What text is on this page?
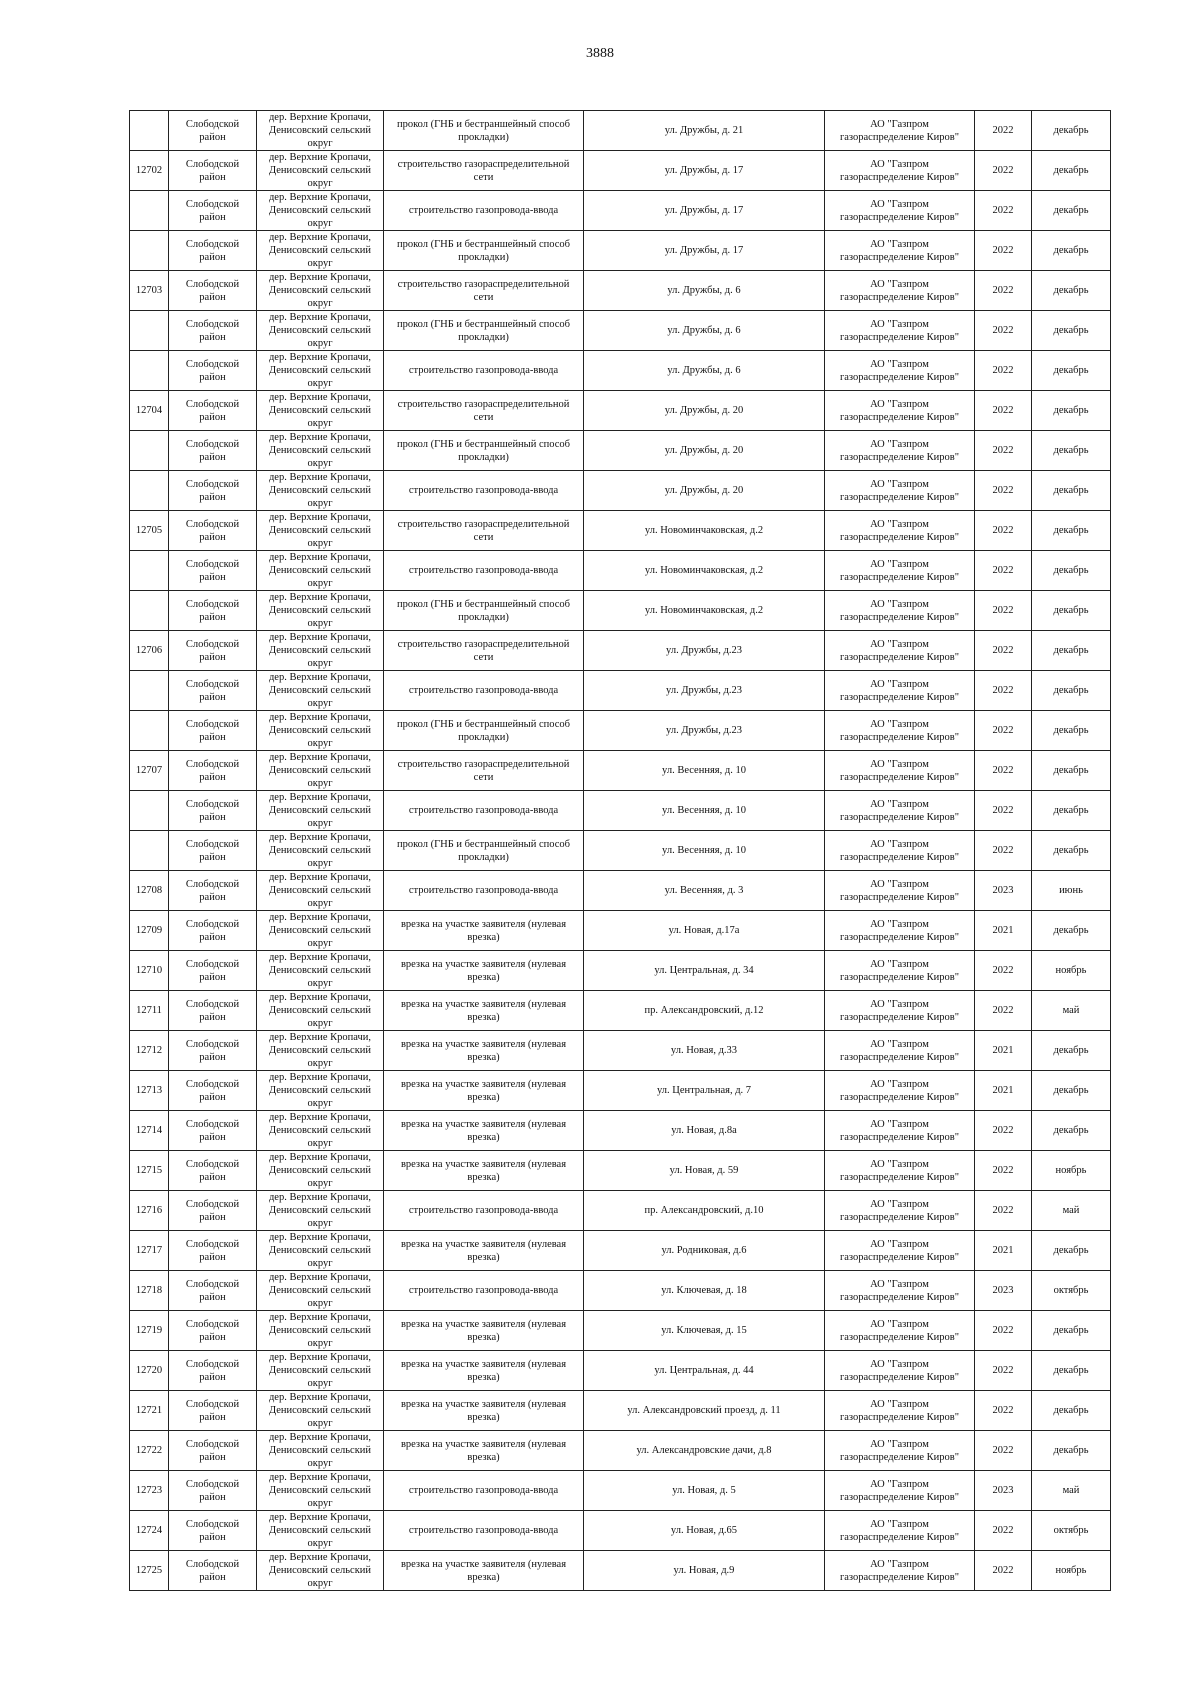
3888
	Слободской район	дер. Верхние Кропачи, Денисовский сельский округ	прокол (ГНБ и бестраншейный способ прокладки)	ул. Дружбы, д. 21	АО "Газпром газораспределение Киров"	2022	декабрь
12702	Слободской район	дер. Верхние Кропачи, Денисовский сельский округ	строительство газораспределительной сети	ул. Дружбы, д. 17	АО "Газпром газораспределение Киров"	2022	декабрь
	Слободской район	дер. Верхние Кропачи, Денисовский сельский округ	строительство газопровода-ввода	ул. Дружбы, д. 17	АО "Газпром газораспределение Киров"	2022	декабрь
	Слободской район	дер. Верхние Кропачи, Денисовский сельский округ	прокол (ГНБ и бестраншейный способ прокладки)	ул. Дружбы, д. 17	АО "Газпром газораспределение Киров"	2022	декабрь
12703	Слободской район	дер. Верхние Кропачи, Денисовский сельский округ	строительство газораспределительной сети	ул. Дружбы, д. 6	АО "Газпром газораспределение Киров"	2022	декабрь
	Слободской район	дер. Верхние Кропачи, Денисовский сельский округ	прокол (ГНБ и бестраншейный способ прокладки)	ул. Дружбы, д. 6	АО "Газпром газораспределение Киров"	2022	декабрь
	Слободской район	дер. Верхние Кропачи, Денисовский сельский округ	строительство газопровода-ввода	ул. Дружбы, д. 6	АО "Газпром газораспределение Киров"	2022	декабрь
12704	Слободской район	дер. Верхние Кропачи, Денисовский сельский округ	строительство газораспределительной сети	ул. Дружбы, д. 20	АО "Газпром газораспределение Киров"	2022	декабрь
	Слободской район	дер. Верхние Кропачи, Денисовский сельский округ	прокол (ГНБ и бестраншейный способ прокладки)	ул. Дружбы, д. 20	АО "Газпром газораспределение Киров"	2022	декабрь
	Слободской район	дер. Верхние Кропачи, Денисовский сельский округ	строительство газопровода-ввода	ул. Дружбы, д. 20	АО "Газпром газораспределение Киров"	2022	декабрь
12705	Слободской район	дер. Верхние Кропачи, Денисовский сельский округ	строительство газораспределительной сети	ул. Новоминчаковская, д.2	АО "Газпром газораспределение Киров"	2022	декабрь
	Слободской район	дер. Верхние Кропачи, Денисовский сельский округ	строительство газопровода-ввода	ул. Новоминчаковская, д.2	АО "Газпром газораспределение Киров"	2022	декабрь
	Слободской район	дер. Верхние Кропачи, Денисовский сельский округ	прокол (ГНБ и бестраншейный способ прокладки)	ул. Новоминчаковская, д.2	АО "Газпром газораспределение Киров"	2022	декабрь
12706	Слободской район	дер. Верхние Кропачи, Денисовский сельский округ	строительство газораспределительной сети	ул. Дружбы, д.23	АО "Газпром газораспределение Киров"	2022	декабрь
	Слободской район	дер. Верхние Кропачи, Денисовский сельский округ	строительство газопровода-ввода	ул. Дружбы, д.23	АО "Газпром газораспределение Киров"	2022	декабрь
	Слободской район	дер. Верхние Кропачи, Денисовский сельский округ	прокол (ГНБ и бестраншейный способ прокладки)	ул. Дружбы, д.23	АО "Газпром газораспределение Киров"	2022	декабрь
12707	Слободской район	дер. Верхние Кропачи, Денисовский сельский округ	строительство газораспределительной сети	ул. Весенняя, д. 10	АО "Газпром газораспределение Киров"	2022	декабрь
	Слободской район	дер. Верхние Кропачи, Денисовский сельский округ	строительство газопровода-ввода	ул. Весенняя, д. 10	АО "Газпром газораспределение Киров"	2022	декабрь
	Слободской район	дер. Верхние Кропачи, Денисовский сельский округ	прокол (ГНБ и бестраншейный способ прокладки)	ул. Весенняя, д. 10	АО "Газпром газораспределение Киров"	2022	декабрь
12708	Слободской район	дер. Верхние Кропачи, Денисовский сельский округ	строительство газопровода-ввода	ул. Весенняя, д. 3	АО "Газпром газораспределение Киров"	2023	июнь
12709	Слободской район	дер. Верхние Кропачи, Денисовский сельский округ	врезка на участке заявителя (нулевая врезка)	ул. Новая, д.17а	АО "Газпром газораспределение Киров"	2021	декабрь
12710	Слободской район	дер. Верхние Кропачи, Денисовский сельский округ	врезка на участке заявителя (нулевая врезка)	ул. Центральная, д. 34	АО "Газпром газораспределение Киров"	2022	ноябрь
12711	Слободской район	дер. Верхние Кропачи, Денисовский сельский округ	врезка на участке заявителя (нулевая врезка)	пр. Александровский, д.12	АО "Газпром газораспределение Киров"	2022	май
12712	Слободской район	дер. Верхние Кропачи, Денисовский сельский округ	врезка на участке заявителя (нулевая врезка)	ул. Новая, д.33	АО "Газпром газораспределение Киров"	2021	декабрь
12713	Слободской район	дер. Верхние Кропачи, Денисовский сельский округ	врезка на участке заявителя (нулевая врезка)	ул. Центральная, д. 7	АО "Газпром газораспределение Киров"	2021	декабрь
12714	Слободской район	дер. Верхние Кропачи, Денисовский сельский округ	врезка на участке заявителя (нулевая врезка)	ул. Новая, д.8а	АО "Газпром газораспределение Киров"	2022	декабрь
12715	Слободской район	дер. Верхние Кропачи, Денисовский сельский округ	врезка на участке заявителя (нулевая врезка)	ул. Новая, д. 59	АО "Газпром газораспределение Киров"	2022	ноябрь
12716	Слободской район	дер. Верхние Кропачи, Денисовский сельский округ	строительство газопровода-ввода	пр. Александровский, д.10	АО "Газпром газораспределение Киров"	2022	май
12717	Слободской район	дер. Верхние Кропачи, Денисовский сельский округ	врезка на участке заявителя (нулевая врезка)	ул. Родниковая, д.6	АО "Газпром газораспределение Киров"	2021	декабрь
12718	Слободской район	дер. Верхние Кропачи, Денисовский сельский округ	строительство газопровода-ввода	ул. Ключевая, д. 18	АО "Газпром газораспределение Киров"	2023	октябрь
12719	Слободской район	дер. Верхние Кропачи, Денисовский сельский округ	врезка на участке заявителя (нулевая врезка)	ул. Ключевая, д. 15	АО "Газпром газораспределение Киров"	2022	декабрь
12720	Слободской район	дер. Верхние Кропачи, Денисовский сельский округ	врезка на участке заявителя (нулевая врезка)	ул. Центральная, д. 44	АО "Газпром газораспределение Киров"	2022	декабрь
12721	Слободской район	дер. Верхние Кропачи, Денисовский сельский округ	врезка на участке заявителя (нулевая врезка)	ул. Александровский проезд, д. 11	АО "Газпром газораспределение Киров"	2022	декабрь
12722	Слободской район	дер. Верхние Кропачи, Денисовский сельский округ	врезка на участке заявителя (нулевая врезка)	ул. Александровские дачи, д.8	АО "Газпром газораспределение Киров"	2022	декабрь
12723	Слободской район	дер. Верхние Кропачи, Денисовский сельский округ	строительство газопровода-ввода	ул. Новая, д. 5	АО "Газпром газораспределение Киров"	2023	май
12724	Слободской район	дер. Верхние Кропачи, Денисовский сельский округ	строительство газопровода-ввода	ул. Новая, д.65	АО "Газпром газораспределение Киров"	2022	октябрь
12725	Слободской район	дер. Верхние Кропачи, Денисовский сельский округ	врезка на участке заявителя (нулевая врезка)	ул. Новая, д.9	АО "Газпром газораспределение Киров"	2022	ноябрь
